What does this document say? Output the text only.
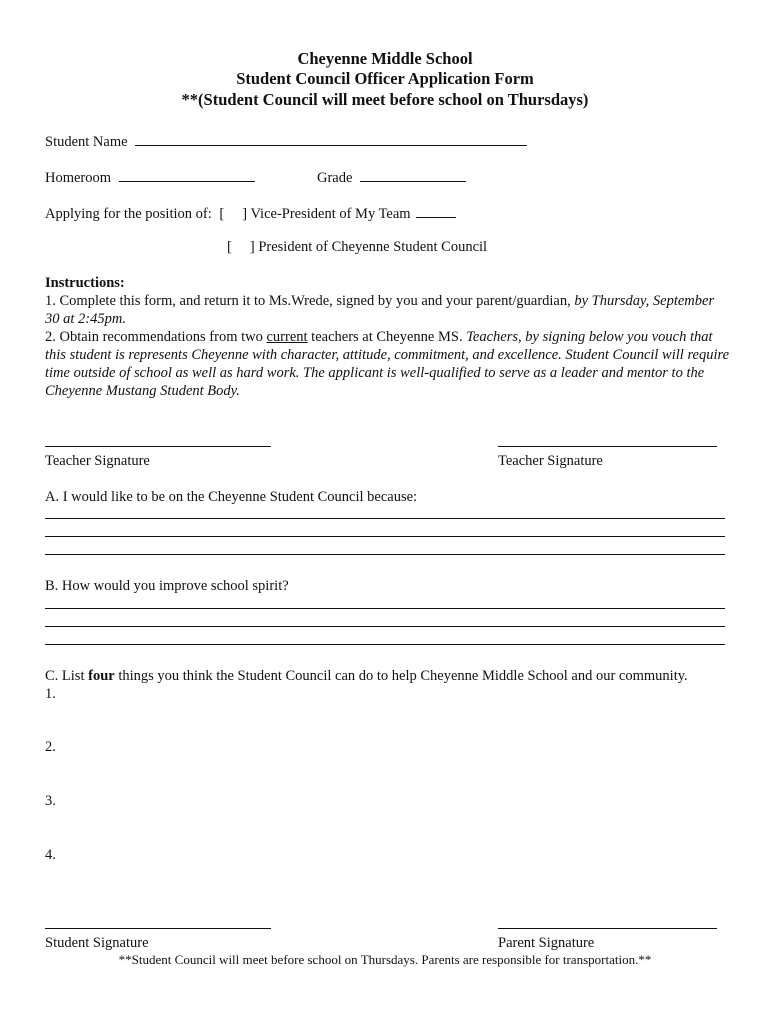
Cheyenne Middle School
Student Council Officer Application Form
**(Student Council will meet before school on Thursdays)
Student Name
Homeroom	Grade
Applying for the position of: [ ] Vice-President of My Team
[ ] President of Cheyenne Student Council
Instructions:
1. Complete this form, and return it to Ms.Wrede, signed by you and your parent/guardian, by Thursday, September 30 at 2:45pm.
2. Obtain recommendations from two current teachers at Cheyenne MS. Teachers, by signing below you vouch that this student is represents Cheyenne with character, attitude, commitment, and excellence. Student Council will require time outside of school as well as hard work. The applicant is well-qualified to serve as a leader and mentor to the Cheyenne Mustang Student Body.
Teacher Signature	Teacher Signature
A. I would like to be on the Cheyenne Student Council because:
B. How would you improve school spirit?
C. List four things you think the Student Council can do to help Cheyenne Middle School and our community.
1.
2.
3.
4.
Student Signature	Parent Signature
**Student Council will meet before school on Thursdays. Parents are responsible for transportation.**
